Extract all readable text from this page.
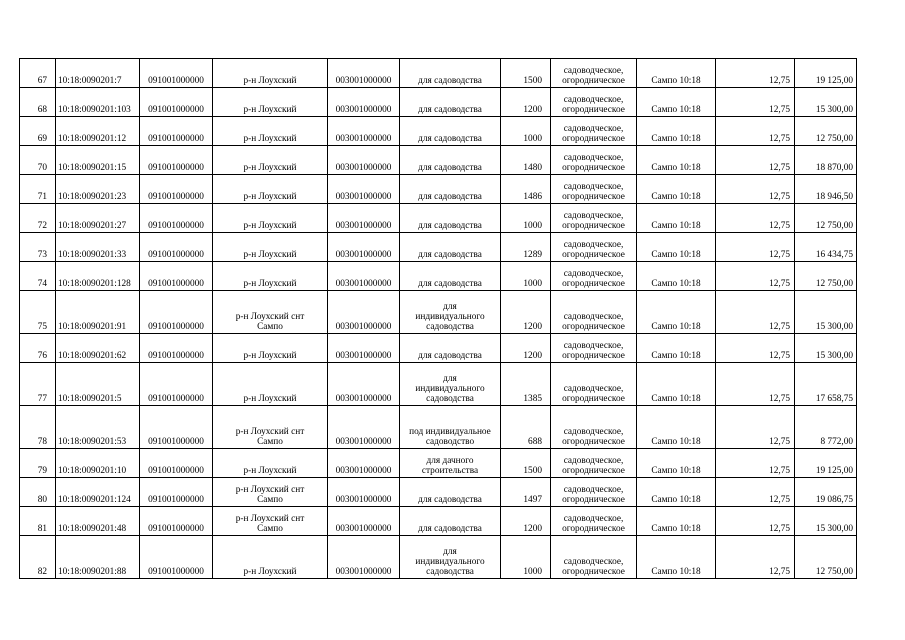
67	10:18:0090201:7	091001000000	р-н Лоухский	003001000000	для садоводства	1500	садоводческое,
огородническое	Сампо 10:18	12,75	19 125,00
68	10:18:0090201:103	091001000000	р-н Лоухский	003001000000	для садоводства	1200	садоводческое,
огородническое	Сампо 10:18	12,75	15 300,00
69	10:18:0090201:12	091001000000	р-н Лоухский	003001000000	для садоводства	1000	садоводческое,
огородническое	Сампо 10:18	12,75	12 750,00
70	10:18:0090201:15	091001000000	р-н Лоухский	003001000000	для садоводства	1480	садоводческое,
огородническое	Сампо 10:18	12,75	18 870,00
71	10:18:0090201:23	091001000000	р-н Лоухский	003001000000	для садоводства	1486	садоводческое,
огородническое	Сампо 10:18	12,75	18 946,50
72	10:18:0090201:27	091001000000	р-н Лоухский	003001000000	для садоводства	1000	садоводческое,
огородническое	Сампо 10:18	12,75	12 750,00
73	10:18:0090201:33	091001000000	р-н Лоухский	003001000000	для садоводства	1289	садоводческое,
огородническое	Сампо 10:18	12,75	16 434,75
74	10:18:0090201:128	091001000000	р-н Лоухский	003001000000	для садоводства	1000	садоводческое,
огородническое	Сампо 10:18	12,75	12 750,00
75	10:18:0090201:91	091001000000	р-н Лоухский снт
Сампо	003001000000	для
индивидуального
садоводства	1200	садоводческое,
огородническое	Сампо 10:18	12,75	15 300,00
76	10:18:0090201:62	091001000000	р-н Лоухский	003001000000	для садоводства	1200	садоводческое,
огородническое	Сампо 10:18	12,75	15 300,00
77	10:18:0090201:5	091001000000	р-н Лоухский	003001000000	для
индивидуального
садоводства	1385	садоводческое,
огородническое	Сампо 10:18	12,75	17 658,75
78	10:18:0090201:53	091001000000	р-н Лоухский снт
Сампо	003001000000	под индивидуальное
садоводство	688	садоводческое,
огородническое	Сампо 10:18	12,75	8 772,00
79	10:18:0090201:10	091001000000	р-н Лоухский	003001000000	для дачного
строительства	1500	садоводческое,
огородническое	Сампо 10:18	12,75	19 125,00
80	10:18:0090201:124	091001000000	р-н Лоухский снт
Сампо	003001000000	для садоводства	1497	садоводческое,
огородническое	Сампо 10:18	12,75	19 086,75
81	10:18:0090201:48	091001000000	р-н Лоухский снт
Сампо	003001000000	для садоводства	1200	садоводческое,
огородническое	Сампо 10:18	12,75	15 300,00
82	10:18:0090201:88	091001000000	р-н Лоухский	003001000000	для
индивидуального
садоводства	1000	садоводческое,
огородническое	Сампо 10:18	12,75	12 750,00
